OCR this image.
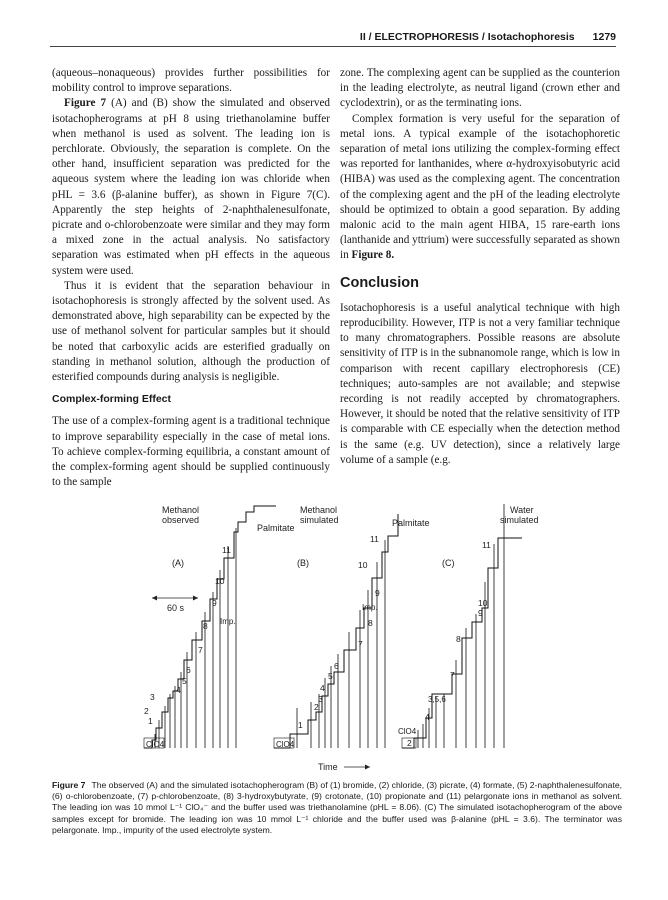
II / ELECTROPHORESIS / Isotachophoresis 1279

(aqueous–nonaqueous) provides further possibilities for mobility control to improve separations.

Figure 7 (A) and (B) show the simulated and observed isotachopherograms at pH 8 using triethanolamine buffer when methanol is used as solvent. The leading ion is perchlorate. Obviously, the separation is complete. On the other hand, insufficient separation was predicted for the aqueous system where the leading ion was chloride when pHL = 3.6 (β-alanine buffer), as shown in Figure 7(C). Apparently the step heights of 2-naphthalenesulfonate, picrate and o-chlorobenzoate were similar and they may form a mixed zone in the actual analysis. No satisfactory separation was estimated when pH effects in the aqueous system were used.

Thus it is evident that the separation behaviour in isotachophoresis is strongly affected by the solvent used. As demonstrated above, high separability can be expected by the use of methanol solvent for particular samples but it should be noted that carboxylic acids are esterified gradually on standing in methanol solution, although the production of esterified compounds during analysis is negligible.

Complex-forming Effect

The use of a complex-forming agent is a traditional technique to improve separability especially in the case of metal ions. To achieve complex-forming equilibria, a constant amount of the complex-forming agent should be supplied continuously to the sample

zone. The complexing agent can be supplied as the counterion in the leading electrolyte, as neutral ligand (crown ether and cyclodextrin), or as the terminating ions.

Complex formation is very useful for the separation of metal ions. A typical example of the isotachophoretic separation of metal ions utilizing the complex-forming effect was reported for lanthanides, where α-hydroxyisobutyric acid (HIBA) was used as the complexing agent. The concentration of the complexing agent and the pH of the leading electrolyte should be optimized to obtain a good separation. By adding malonic acid to the main agent HIBA, 15 rare-earth ions (lanthanide and yttrium) were successfully separated as shown in Figure 8.

Conclusion

Isotachophoresis is a useful analytical technique with high reproducibility. However, ITP is not a very familiar technique to many chromatographers. Possible reasons are absolute sensitivity of ITP is in the subnanomole range, which is low in comparison with recent capillary electrophoresis (CE) techniques; auto-samples are not available; and stepwise recording is not readily accepted by chromatographers. However, it should be noted that the relative sensitivity of ITP is comparable with CE especially when the detection method is the same (e.g. UV detection), since a relatively large volume of a sample (e.g.

Methanol
observed
Methanol
simulated
Water
simulated
(A)	(B)	(C)
Palmitate	Palmitate
60 s
ClO4
Imp.
1
2
3
4
5
6
7
8
9
10
11
ClO4
Imp.
1
2
3
4
5
6
7
8
9
10
11
ClO4
3,5,6
2
4
7
8
9
10
11
Time
Figure 7 The observed (A) and the simulated isotachopherogram (B) of (1) bromide, (2) chloride, (3) picrate, (4) formate, (5) 2-naphthalenesulfonate, (6) o-chlorobenzoate, (7) p-chlorobenzoate, (8) 3-hydroxybutyrate, (9) crotonate, (10) propionate and (11) pelargonate ions in methanol as solvent. The leading ion was 10 mmol L⁻¹ ClO₄⁻ and the buffer used was triethanolamine (pHL = 8.06). (C) The simulated isotachopherogram of the above samples except for bromide. The leading ion was 10 mmol L⁻¹ chloride and the buffer used was β-alanine (pHL = 3.6). The terminator was pelargonate. Imp., impurity of the used electrolyte system.
